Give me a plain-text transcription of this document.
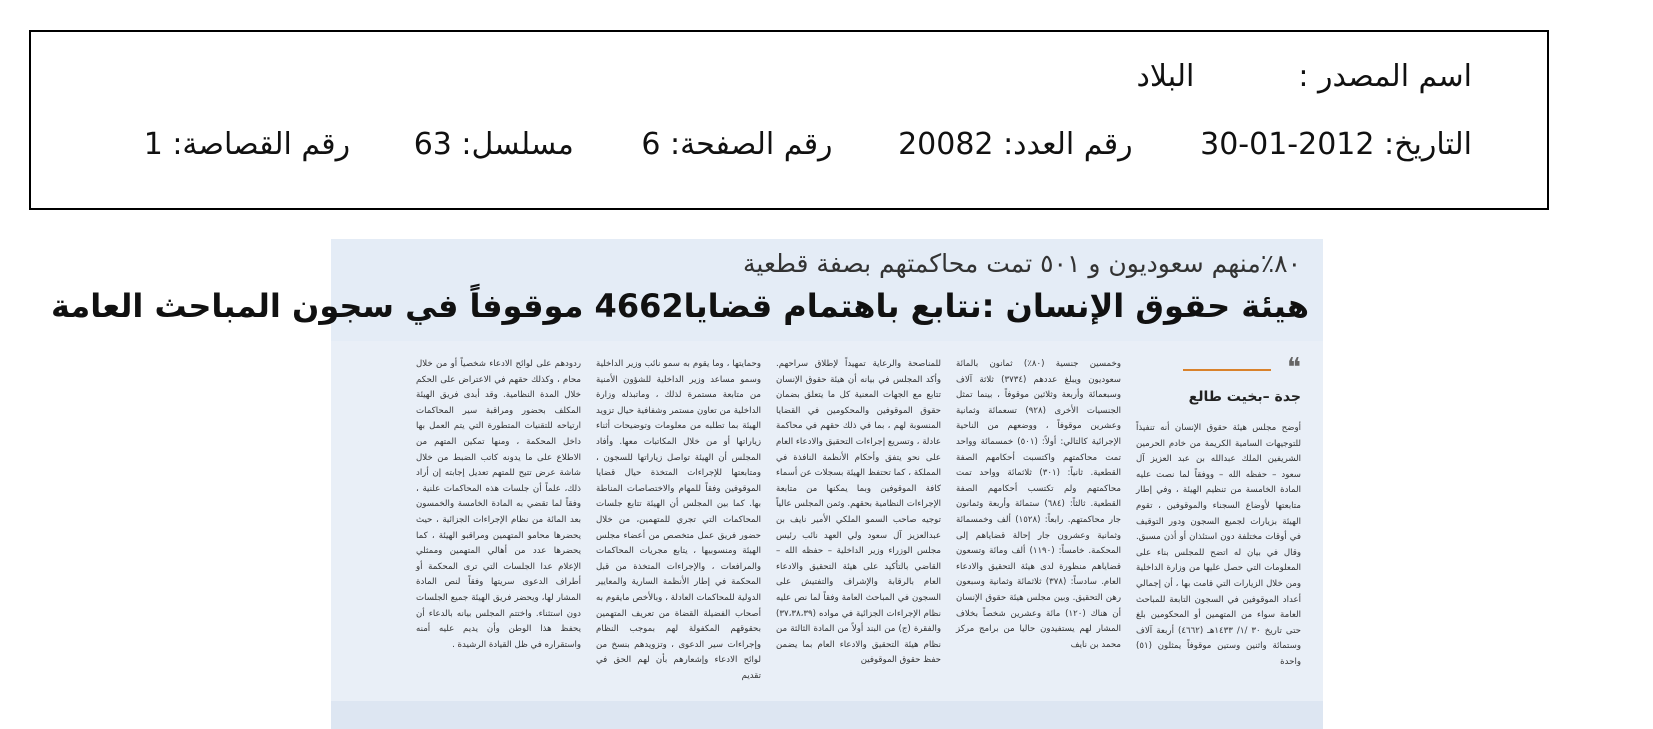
اسم المصدر :البلاد
التاريخ: 30-01-2012 رقم العدد: 20082 رقم الصفحة: 6 مسلسل: 63 رقم القصاصة: 1
٨٠٪منهم سعوديون و ٥٠١ تمت محاكمتهم بصفة قطعية
هيئة حقوق الإنسان :نتابع باهتمام قضايا4662 موقوفاً في سجون المباحث العامة
❝
جدة –بخيت طالع
أوضح مجلس هيئة حقوق الإنسان أنه تنفيذاً للتوجيهات السامية الكريمة من خادم الحرمين الشريفين الملك عبدالله بن عبد العزيز آل سعود – حفظه الله – ووفقاً لما نصت عليه المادة الخامسة من تنظيم الهيئة ، وفي إطار متابعتها لأوضاع السجناء والموقوفين ، تقوم الهيئة بزيارات لجميع السجون ودور التوقيف في أوقات مختلفة دون استئذان أو أذن مسبق. وقال في بيان له اتضح للمجلس بناء على المعلومات التي حصل عليها من وزارة الداخلية ومن خلال الزيارات التي قامت بها ، أن إجمالي أعداد الموقوفين في السجون التابعة للمباحث العامة سواء من المتهمين أو المحكومين بلغ حتى تاريخ ٣٠ /١/ ١٤٣٣هـ (٤٦٦٢) أربعة آلاف وستمائة واثنين وستين موقوفاً يمثلون (٥١) واحدة
وخمسين جنسية (٨٠٪) ثمانون بالمائة سعوديون ويبلغ عددهم (٣٧٣٤) ثلاثة آلاف وسبعمائة وأربعة وثلاثين موقوفاً ، بينما تمثل الجنسيات الأخرى (٩٢٨) تسعمائة وثمانية وعشرين موقوفاً ، ووضعهم من الناحية الإجرائية كالتالي: أولاً: (٥٠١) خمسمائة وواحد تمت محاكمتهم واكتسبت أحكامهم الصفة القطعية. ثانياً: (٣٠١) ثلاثمائة وواحد تمت محاكمتهم ولم تكتسب أحكامهم الصفة القطعية. ثالثاً: (٦٨٤) ستمائة وأربعة وثمانون جار محاكمتهم. رابعاً: (١٥٢٨) ألف وخمسمائة وثمانية وعشرون جار إحالة قضاياهم إلى المحكمة. خامساً: (١١٩٠) ألف ومائة وتسعون قضاياهم منظورة لدى هيئة التحقيق والادعاء العام. سادساً: (٣٧٨) ثلاثمائة وثمانية وسبعون رهن التحقيق. وبين مجلس هيئة حقوق الإنسان أن هناك (١٢٠) مائة وعشرين شخصاً بخلاف المشار لهم يستفيدون حاليا من برامج مركز محمد بن نايف
للمناصحة والرعاية تمهيداً لإطلاق سراحهم. وأكد المجلس في بيانه أن هيئة حقوق الإنسان تتابع مع الجهات المعنية كل ما يتعلق بضمان حقوق الموقوفين والمحكومين في القضايا المنسوبة لهم ، بما في ذلك حقهم في محاكمة عادلة ، وتسريع إجراءات التحقيق والادعاء العام على نحو يتفق وأحكام الأنظمة النافذة في المملكة ، كما تحتفظ الهيئة بسجلات عن أسماء كافة الموقوفين وبما يمكنها من متابعة الإجراءات النظامية بحقهم. وثمن المجلس عالياً توجيه صاحب السمو الملكي الأمير نايف بن عبدالعزيز آل سعود ولي العهد نائب رئيس مجلس الوزراء وزير الداخلية – حفظه الله – القاضي بالتأكيد على هيئة التحقيق والادعاء العام بالرقابة والإشراف والتفتيش على السجون في المباحث العامة وفقاً لما نص عليه نظام الإجراءات الجزائية في مواده (٣٧،٣٨،٣٩) والفقرة (ج) من البند أولاً من المادة الثالثة من نظام هيئة التحقيق والادعاء العام بما يضمن حفظ حقوق الموقوفين
وحمايتها ، وما يقوم به سمو نائب وزير الداخلية وسمو مساعد وزير الداخلية للشؤون الأمنية من متابعة مستمرة لذلك ، وماتبذله وزارة الداخلية من تعاون مستمر وشفافية حيال تزويد الهيئة بما تطلبه من معلومات وتوضيحات أثناء زياراتها أو من خلال المكاتبات معها. وأفاد المجلس أن الهيئة تواصل زياراتها للسجون ، ومتابعتها للإجراءات المتخذة حيال قضايا الموقوفين وفقاً للمهام والاختصاصات المناطة بها. كما بين المجلس أن الهيئة تتابع جلسات المحاكمات التي تجري للمتهمين، من خلال حضور فريق عمل متخصص من أعضاء مجلس الهيئة ومنسوبيها ، يتابع مجريات المحاكمات والمرافعات ، والإجراءات المتخذة من قبل المحكمة في إطار الأنظمة السارية والمعايير الدولية للمحاكمات العادلة ، وبالأخص مايقوم به أصحاب الفضيلة القضاة من تعريف المتهمين بحقوقهم المكفولة لهم بموجب النظام وإجراءات سير الدعوى ، وتزويدهم بنسخ من لوائح الادعاء وإشعارهم بأن لهم الحق في تقديم
ردودهم على لوائح الادعاء شخصياً أو من خلال محام ، وكذلك حقهم في الاعتراض على الحكم خلال المدة النظامية. وقد أبدى فريق الهيئة المكلف بحضور ومراقبة سير المحاكمات ارتياحه للتقنيات المتطورة التي يتم العمل بها داخل المحكمة ، ومنها تمكين المتهم من الاطلاع على ما يدونه كاتب الضبط من خلال شاشة عرض تتيح للمتهم تعديل إجابته إن أراد ذلك، علماً أن جلسات هذه المحاكمات علنية ، وفقاً لما تقضي به المادة الخامسة والخمسون بعد المائة من نظام الإجراءات الجزائية ، حيث يحضرها محامو المتهمين ومراقبو الهيئة ، كما يحضرها عدد من أهالي المتهمين وممثلي الإعلام عدا الجلسات التي ترى المحكمة أو أطراف الدعوى سريتها وفقاً لنص المادة المشار لها، ويحضر فريق الهيئة جميع الجلسات دون استثناء. واختتم المجلس بيانه بالدعاء أن يحفظ هذا الوطن وأن يديم عليه أمنه واستقراره في ظل القيادة الرشيدة .
